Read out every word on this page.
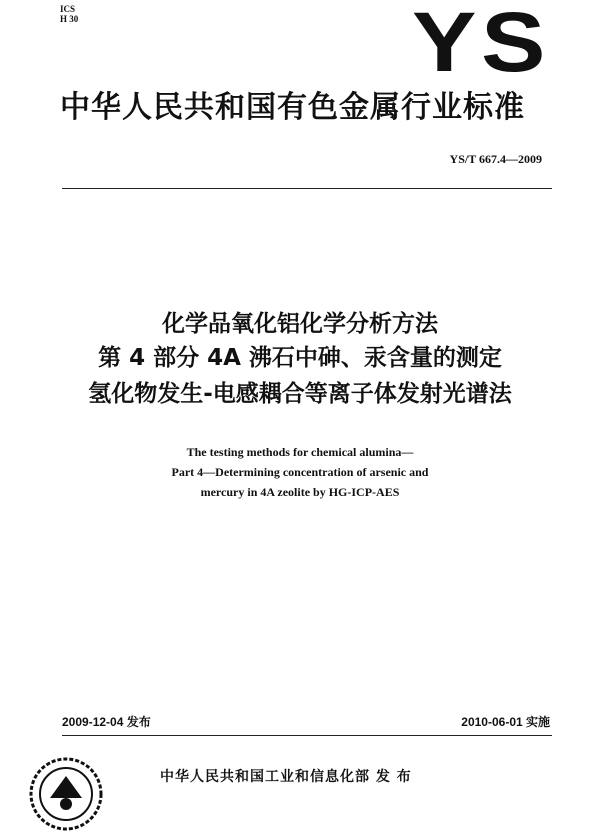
ICS
H 30	YS
中华人民共和国有色金属行业标准
YS/T 667.4—2009
化学品氧化铝化学分析方法
第 4 部分 4A 沸石中砷、汞含量的测定
氢化物发生-电感耦合等离子体发射光谱法
The testing methods for chemical alumina—
Part 4—Determining concentration of arsenic and
mercury in 4A zeolite by HG-ICP-AES
2009-12-04 发布	2010-06-01 实施
中华人民共和国工业和信息化部 发 布
